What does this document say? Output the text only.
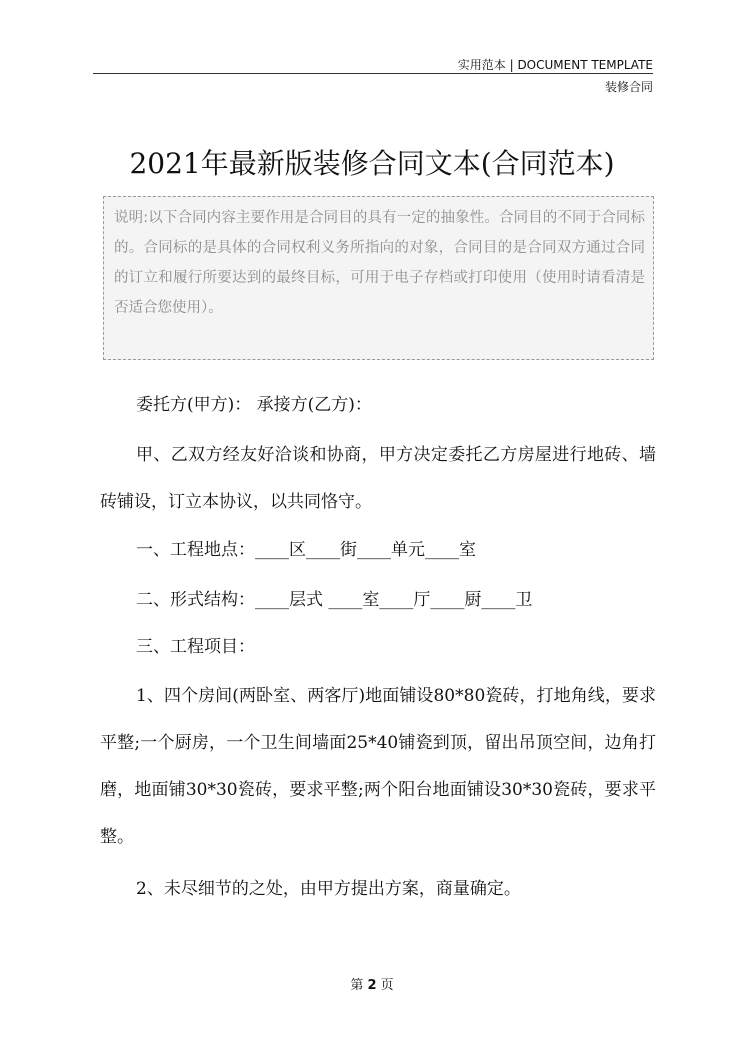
实用范本 | DOCUMENT TEMPLATE
装修合同
2021年最新版装修合同文本(合同范本)

说明:以下合同内容主要作用是合同目的具有一定的抽象性。合同目的不同于合同标的。合同标的是具体的合同权利义务所指向的对象，合同目的是合同双方通过合同的订立和履行所要达到的最终目标，可用于电子存档或打印使用（使用时请看清是否适合您使用）。

委托方(甲方)： 承接方(乙方)：

甲、乙双方经友好洽谈和协商，甲方决定委托乙方房屋进行地砖、墙砖铺设，订立本协议，以共同恪守。

一、工程地点：____区____街____单元____室

二、形式结构：____层式 ____室____厅____厨____卫

三、工程项目：

1、四个房间(两卧室、两客厅)地面铺设80*80瓷砖，打地角线，要求平整;一个厨房，一个卫生间墙面25*40铺瓷到顶，留出吊顶空间，边角打磨，地面铺30*30瓷砖，要求平整;两个阳台地面铺设30*30瓷砖，要求平整。

2、未尽细节的之处，由甲方提出方案，商量确定。

第 2 页
